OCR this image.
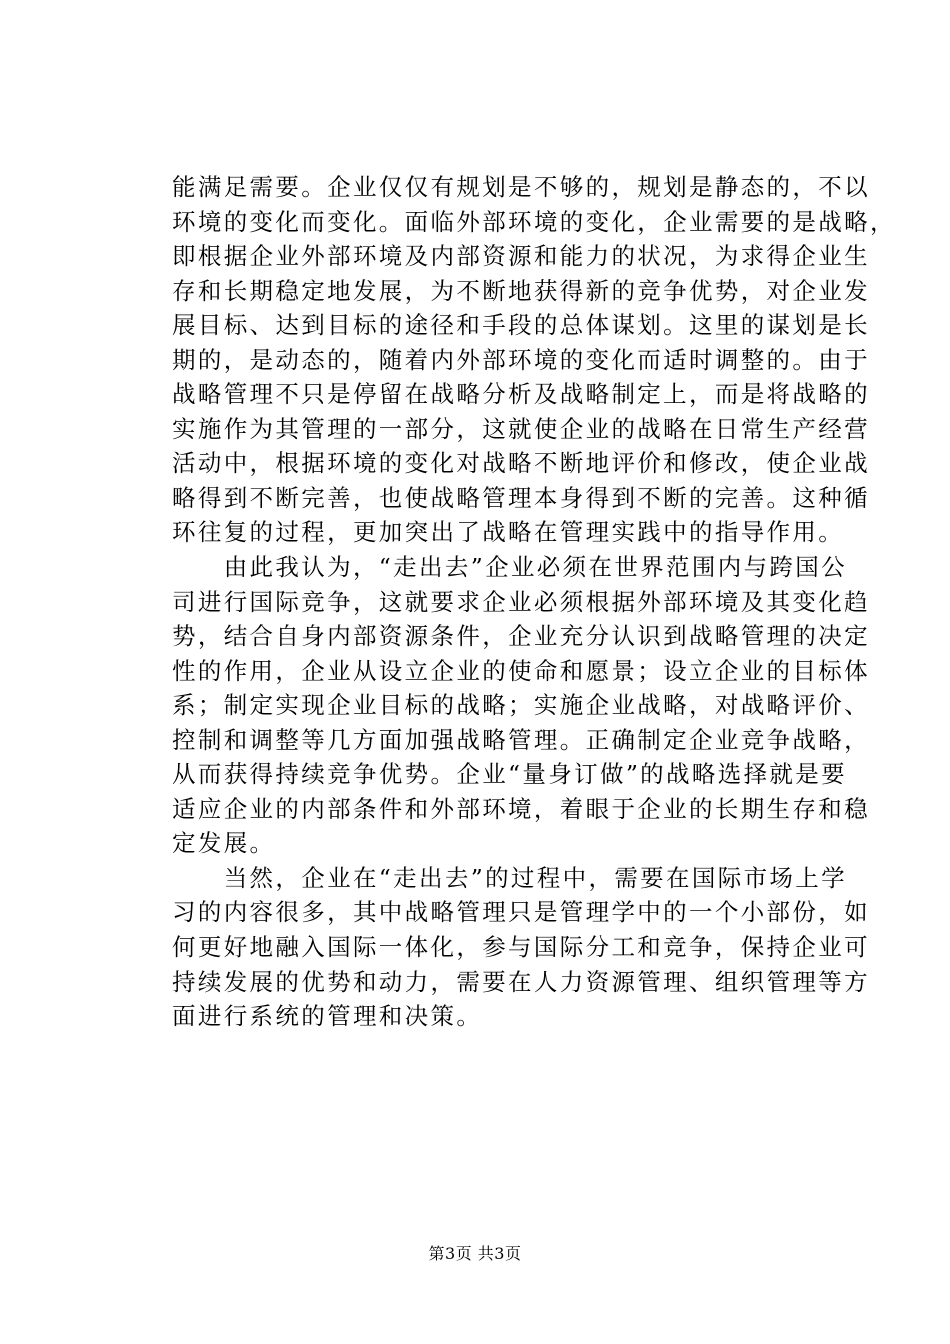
能满足需要。企业仅仅有规划是不够的，规划是静态的，不以
环境的变化而变化。面临外部环境的变化，企业需要的是战略，
即根据企业外部环境及内部资源和能力的状况，为求得企业生
存和长期稳定地发展，为不断地获得新的竞争优势，对企业发
展目标、达到目标的途径和手段的总体谋划。这里的谋划是长
期的，是动态的，随着内外部环境的变化而适时调整的。由于
战略管理不只是停留在战略分析及战略制定上，而是将战略的
实施作为其管理的一部分，这就使企业的战略在日常生产经营
活动中，根据环境的变化对战略不断地评价和修改，使企业战
略得到不断完善，也使战略管理本身得到不断的完善。这种循
环往复的过程，更加突出了战略在管理实践中的指导作用。
　　由此我认为，“走出去”企业必须在世界范围内与跨国公
司进行国际竞争，这就要求企业必须根据外部环境及其变化趋
势，结合自身内部资源条件，企业充分认识到战略管理的决定
性的作用，企业从设立企业的使命和愿景；设立企业的目标体
系；制定实现企业目标的战略；实施企业战略，对战略评价、
控制和调整等几方面加强战略管理。正确制定企业竞争战略，
从而获得持续竞争优势。企业“量身订做”的战略选择就是要
适应企业的内部条件和外部环境，着眼于企业的长期生存和稳
定发展。
　　当然，企业在“走出去”的过程中，需要在国际市场上学
习的内容很多，其中战略管理只是管理学中的一个小部份，如
何更好地融入国际一体化，参与国际分工和竞争，保持企业可
持续发展的优势和动力，需要在人力资源管理、组织管理等方
面进行系统的管理和决策。
第3页 共3页
